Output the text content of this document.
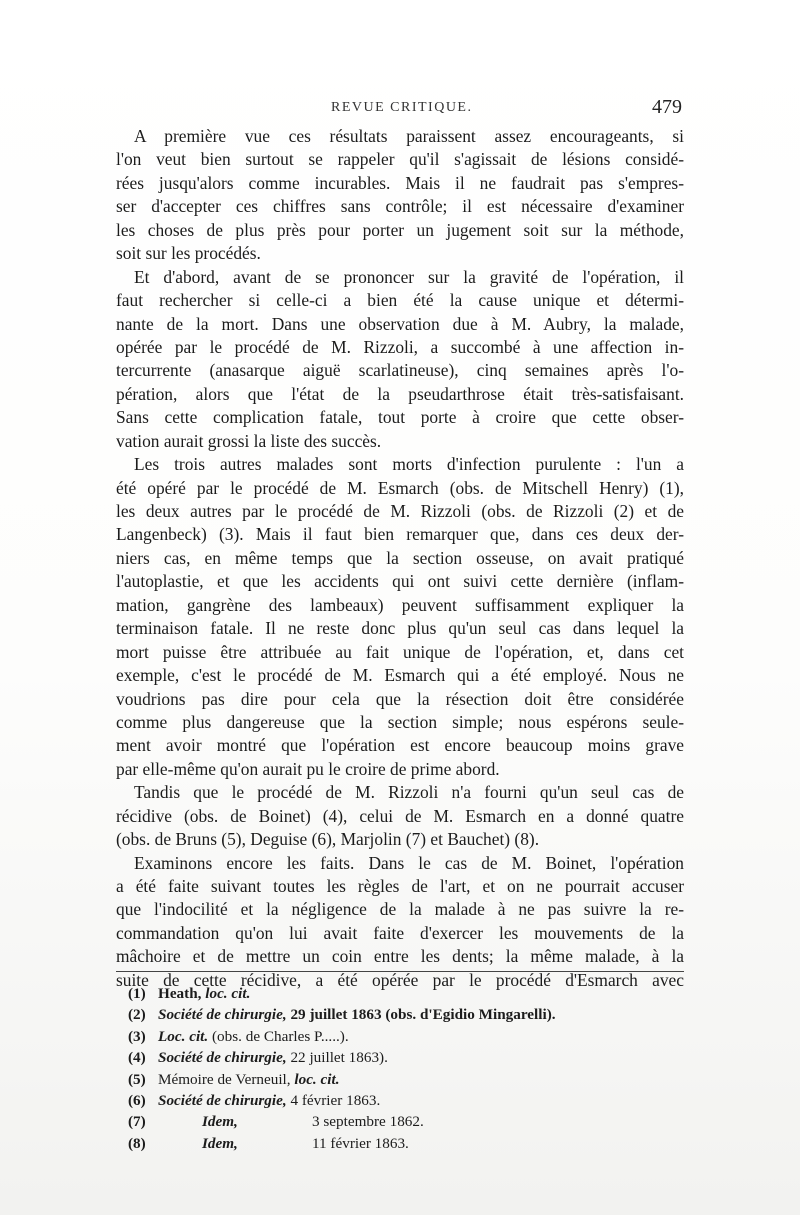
REVUE CRITIQUE.	479
A première vue ces résultats paraissent assez encourageants, si
l'on veut bien surtout se rappeler qu'il s'agissait de lésions considé-
rées jusqu'alors comme incurables. Mais il ne faudrait pas s'empres-
ser d'accepter ces chiffres sans contrôle; il est nécessaire d'examiner
les choses de plus près pour porter un jugement soit sur la méthode,
soit sur les procédés.
Et d'abord, avant de se prononcer sur la gravité de l'opération, il
faut rechercher si celle-ci a bien été la cause unique et détermi-
nante de la mort. Dans une observation due à M. Aubry, la malade,
opérée par le procédé de M. Rizzoli, a succombé à une affection in-
tercurrente (anasarque aiguë scarlatineuse), cinq semaines après l'o-
pération, alors que l'état de la pseudarthrose était très-satisfaisant.
Sans cette complication fatale, tout porte à croire que cette obser-
vation aurait grossi la liste des succès.
Les trois autres malades sont morts d'infection purulente : l'un a
été opéré par le procédé de M. Esmarch (obs. de Mitschell Henry) (1),
les deux autres par le procédé de M. Rizzoli (obs. de Rizzoli (2) et de
Langenbeck) (3). Mais il faut bien remarquer que, dans ces deux der-
niers cas, en même temps que la section osseuse, on avait pratiqué
l'autoplastie, et que les accidents qui ont suivi cette dernière (inflam-
mation, gangrène des lambeaux) peuvent suffisamment expliquer la
terminaison fatale. Il ne reste donc plus qu'un seul cas dans lequel la
mort puisse être attribuée au fait unique de l'opération, et, dans cet
exemple, c'est le procédé de M. Esmarch qui a été employé. Nous ne
voudrions pas dire pour cela que la résection doit être considérée
comme plus dangereuse que la section simple; nous espérons seule-
ment avoir montré que l'opération est encore beaucoup moins grave
par elle-même qu'on aurait pu le croire de prime abord.
Tandis que le procédé de M. Rizzoli n'a fourni qu'un seul cas de
récidive (obs. de Boinet) (4), celui de M. Esmarch en a donné quatre
(obs. de Bruns (5), Deguise (6), Marjolin (7) et Bauchet) (8).
Examinons encore les faits. Dans le cas de M. Boinet, l'opération
a été faite suivant toutes les règles de l'art, et on ne pourrait accuser
que l'indocilité et la négligence de la malade à ne pas suivre la re-
commandation qu'on lui avait faite d'exercer les mouvements de la
mâchoire et de mettre un coin entre les dents; la même malade, à la
suite de cette récidive, a été opérée par le procédé d'Esmarch avec
(1) Heath, loc. cit.
(2) Société de chirurgie, 29 juillet 1863 (obs. d'Egidio Mingarelli).
(3) Loc. cit. (obs. de Charles P.....).
(4) Société de chirurgie, 22 juillet 1863).
(5) Mémoire de Verneuil, loc. cit.
(6) Société de chirurgie, 4 février 1863.
(7)	Idem,	3 septembre 1862.
(8)	Idem,	11 février 1863.
